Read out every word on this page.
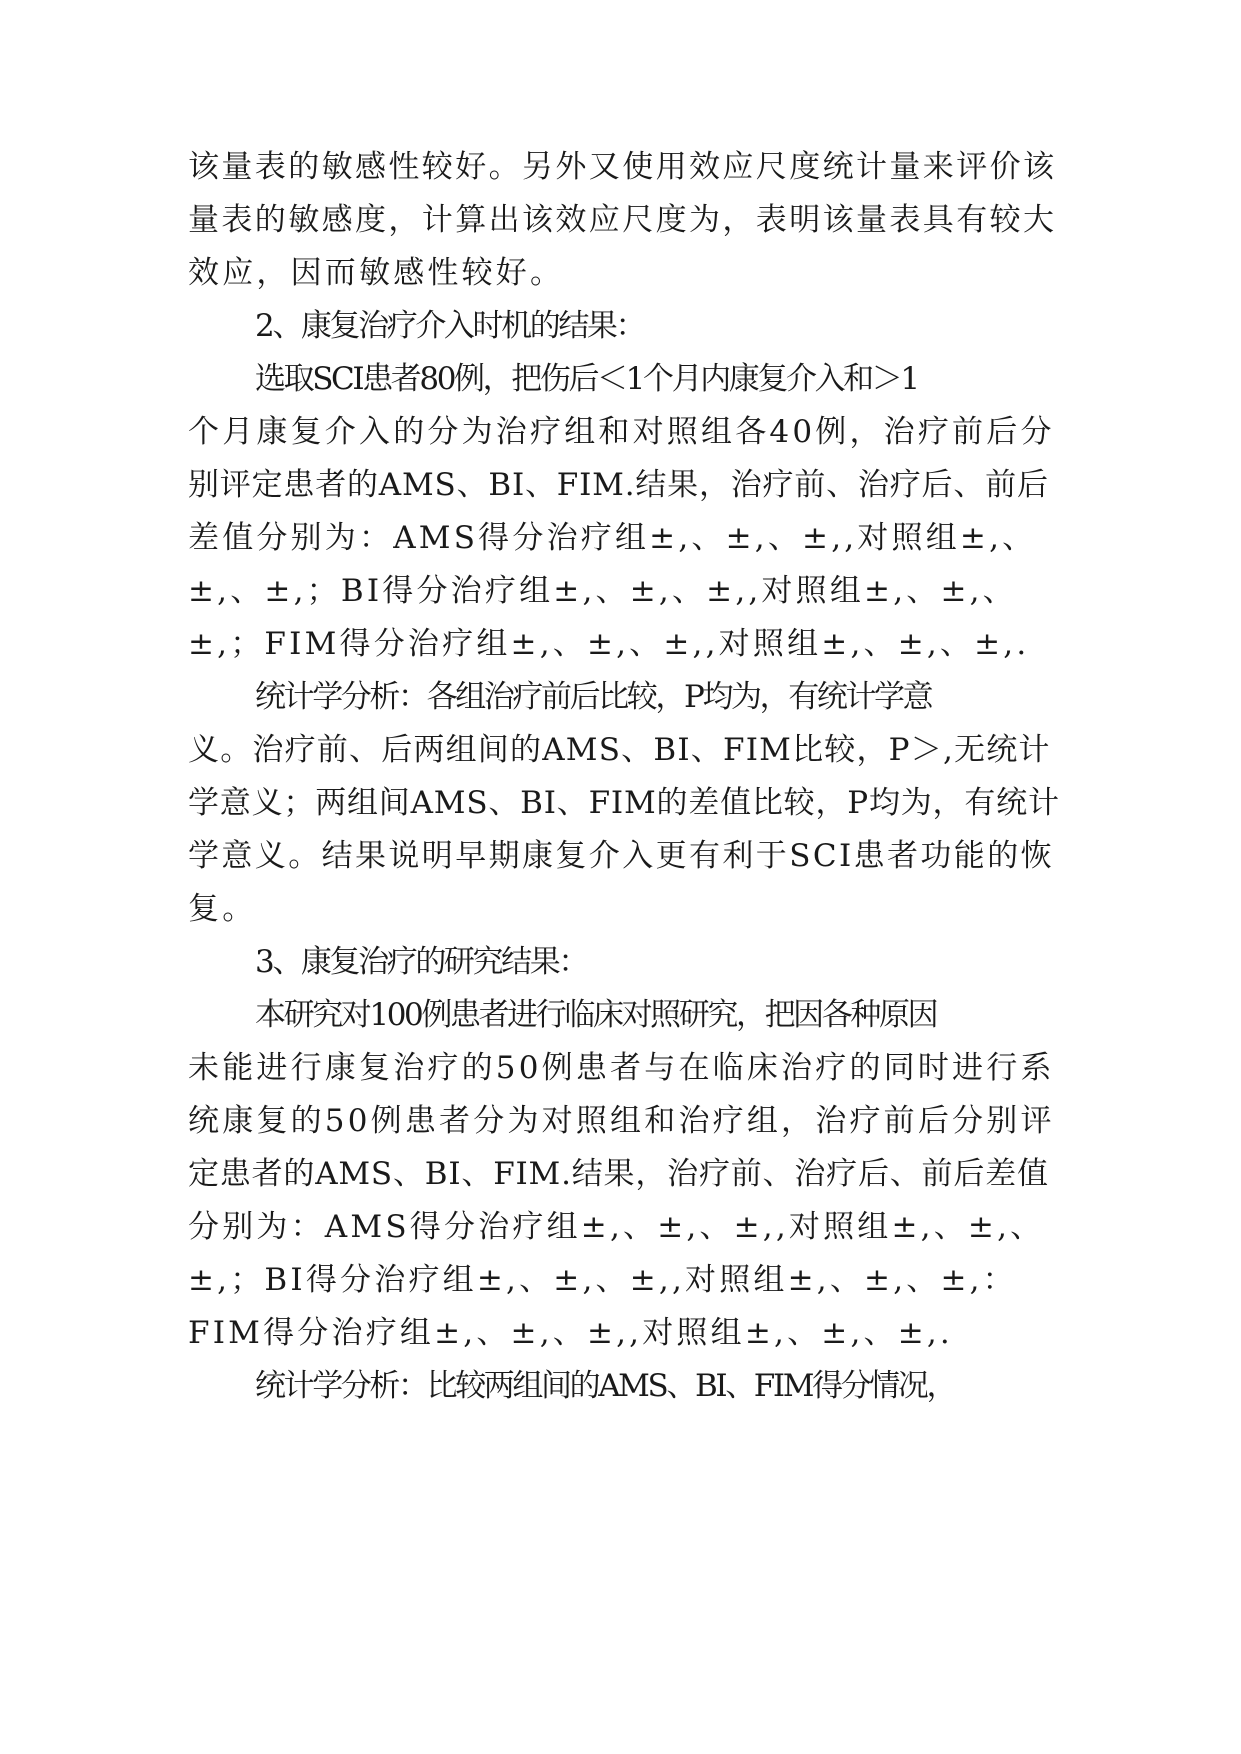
该量表的敏感性较好。另外又使用效应尺度统计量来评价该

量表的敏感度，计算出该效应尺度为，表明该量表具有较大

效应，因而敏感性较好。

2、康复治疗介入时机的结果：

选取SCI患者80例，把伤后＜1个月内康复介入和＞1

个月康复介入的分为治疗组和对照组各40例，治疗前后分

别评定患者的AMS、BI、FIM.结果，治疗前、治疗后、前后

差值分别为：AMS得分治疗组±,、±,、±,,对照组±,、

±,、±,；BI得分治疗组±,、±,、±,,对照组±,、±,、

±,；FIM得分治疗组±,、±,、±,,对照组±,、±,、±,.

统计学分析：各组治疗前后比较，P均为，有统计学意

义。治疗前、后两组间的AMS、BI、FIM比较，P＞,无统计

学意义；两组间AMS、BI、FIM的差值比较，P均为，有统计

学意义。结果说明早期康复介入更有利于SCI患者功能的恢

复。

3、康复治疗的研究结果：

本研究对100例患者进行临床对照研究，把因各种原因

未能进行康复治疗的50例患者与在临床治疗的同时进行系

统康复的50例患者分为对照组和治疗组，治疗前后分别评

定患者的AMS、BI、FIM.结果，治疗前、治疗后、前后差值

分别为：AMS得分治疗组±,、±,、±,,对照组±,、±,、

±,；BI得分治疗组±,、±,、±,,对照组±,、±,、±,：

FIM得分治疗组±,、±,、±,,对照组±,、±,、±,.

统计学分析：比较两组间的AMS、BI、FIM得分情况，
